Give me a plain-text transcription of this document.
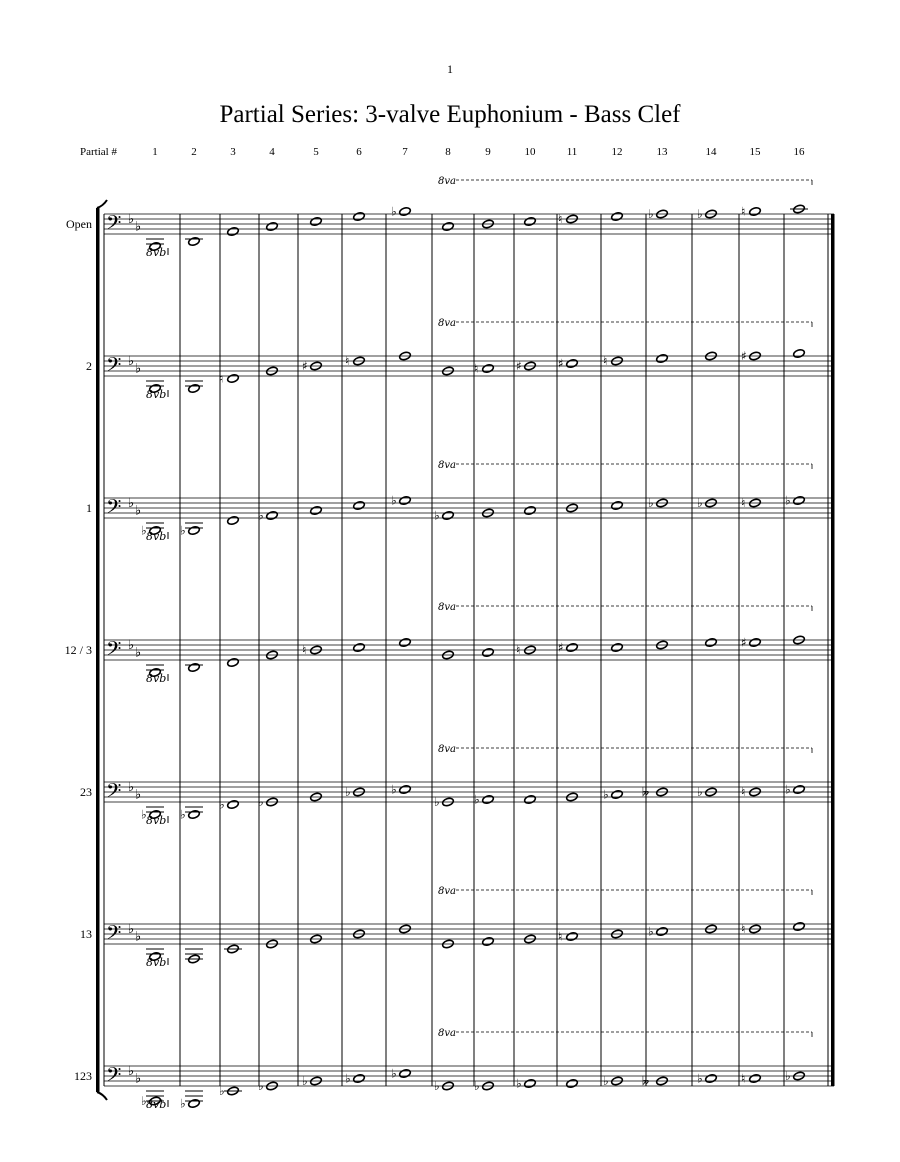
1
Partial Series: 3-valve Euphonium - Bass Clef
Partial #	1	2	3	4	5	6	7	8	9	10	11	12	13	14	15	16
Open
2
1
12 / 3
23
13
123
𝄢 ♭ ♭
8vb
8va
♭
♮	♭	♭	♮
𝄢 ♭ ♭
8vb
8va
♮
♯	♮
♮	♯	♯	♮	♯
𝄢 ♭ ♭
8vb
8va
♭	♭
♭
♭
♭
♭	♭	♮	♭
𝄢 ♭ ♭
8vb
8va
♮	♮	♯	♯
𝄢 ♭ ♭
8vb
8va
♭	♭
♭	♭
♭	♭
♭	♭	♭	𝄫	♭	♮	♭
𝄢 ♭ ♭
8vb
8va
♮	♭	♮
𝄢 ♭ ♭
8vb
8va
♭	♭
♭	♭	♭	♭	♭
♭	♭	♭	♭	𝄫	♭	♮	♭
